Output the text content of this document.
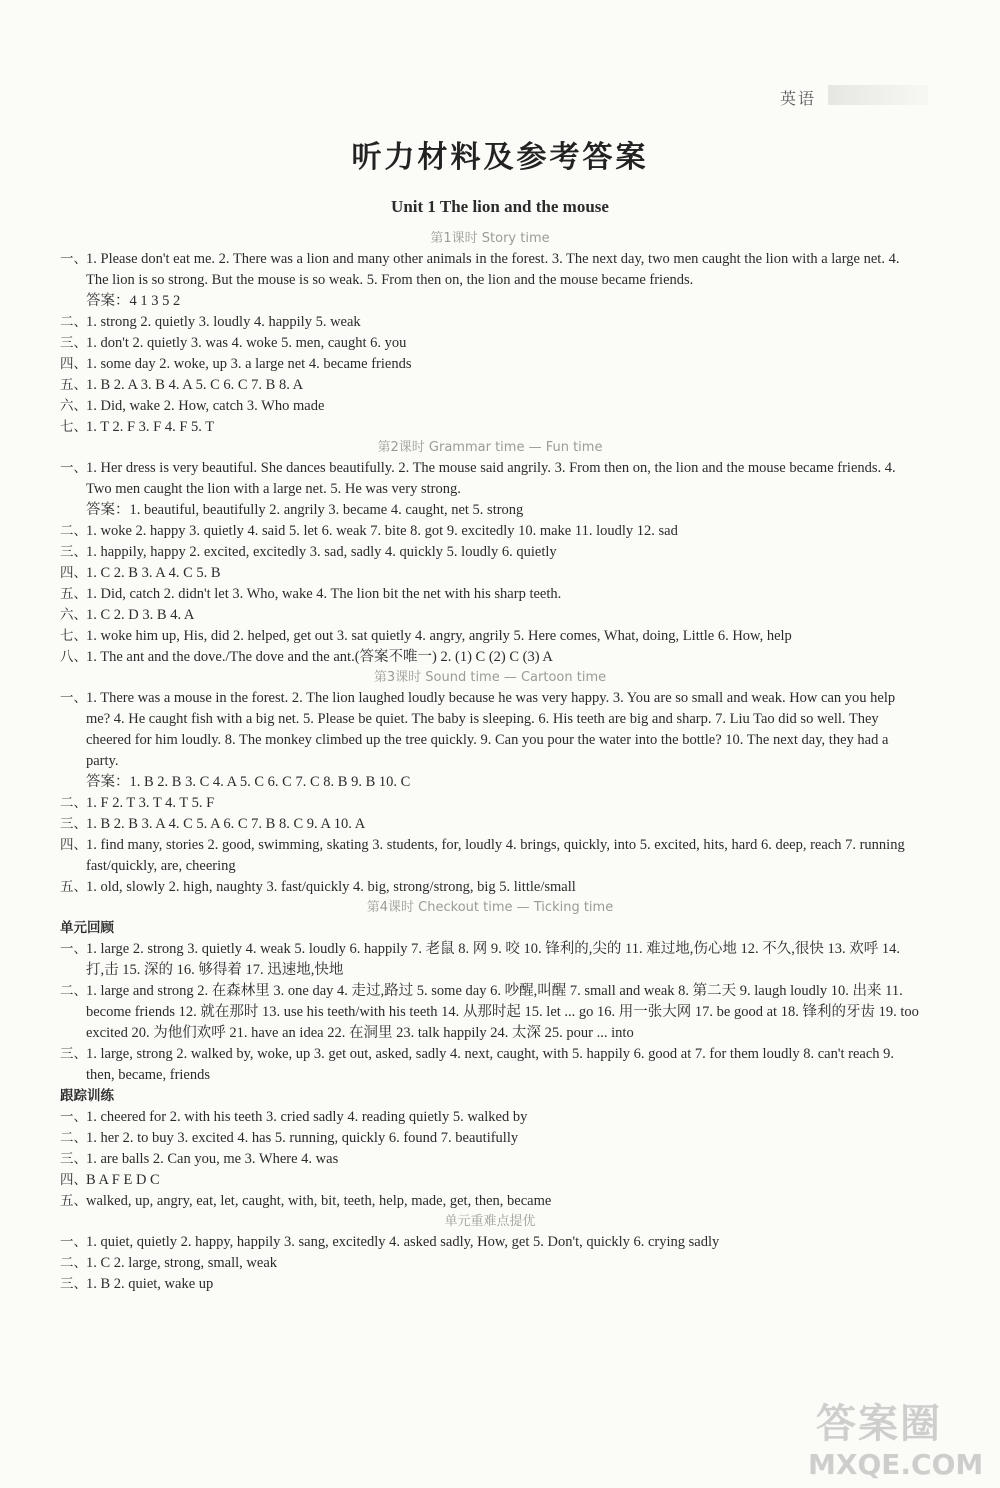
英语
听力材料及参考答案
Unit 1 The lion and the mouse
第1课时 Story time
一、 1. Please don't eat me. 2. There was a lion and many other animals in the forest. 3. The next day, two men caught the lion with a large net. 4. The lion is so strong. But the mouse is so weak. 5. From then on, the lion and the mouse became friends.
答案：4 1 3 5 2
二、 1. strong 2. quietly 3. loudly 4. happily 5. weak
三、 1. don't 2. quietly 3. was 4. woke 5. men, caught 6. you
四、 1. some day 2. woke, up 3. a large net 4. became friends
五、 1. B 2. A 3. B 4. A 5. C 6. C 7. B 8. A
六、 1. Did, wake 2. How, catch 3. Who made
七、 1. T 2. F 3. F 4. F 5. T
第2课时 Grammar time — Fun time
一、 1. Her dress is very beautiful. She dances beautifully. 2. The mouse said angrily. 3. From then on, the lion and the mouse became friends. 4. Two men caught the lion with a large net. 5. He was very strong.
答案：1. beautiful, beautifully 2. angrily 3. became 4. caught, net 5. strong
二、 1. woke 2. happy 3. quietly 4. said 5. let 6. weak 7. bite 8. got 9. excitedly 10. make 11. loudly 12. sad
三、 1. happily, happy 2. excited, excitedly 3. sad, sadly 4. quickly 5. loudly 6. quietly
四、 1. C 2. B 3. A 4. C 5. B
五、 1. Did, catch 2. didn't let 3. Who, wake 4. The lion bit the net with his sharp teeth.
六、 1. C 2. D 3. B 4. A
七、 1. woke him up, His, did 2. helped, get out 3. sat quietly 4. angry, angrily 5. Here comes, What, doing, Little 6. How, help
八、 1. The ant and the dove./The dove and the ant.(答案不唯一) 2. (1) C (2) C (3) A
第3课时 Sound time — Cartoon time
一、 1. There was a mouse in the forest. 2. The lion laughed loudly because he was very happy. 3. You are so small and weak. How can you help me? 4. He caught fish with a big net. 5. Please be quiet. The baby is sleeping. 6. His teeth are big and sharp. 7. Liu Tao did so well. They cheered for him loudly. 8. The monkey climbed up the tree quickly. 9. Can you pour the water into the bottle? 10. The next day, they had a party.
答案：1. B 2. B 3. C 4. A 5. C 6. C 7. C 8. B 9. B 10. C
二、 1. F 2. T 3. T 4. T 5. F
三、 1. B 2. B 3. A 4. C 5. A 6. C 7. B 8. C 9. A 10. A
四、 1. find many, stories 2. good, swimming, skating 3. students, for, loudly 4. brings, quickly, into 5. excited, hits, hard 6. deep, reach 7. running fast/quickly, are, cheering
五、 1. old, slowly 2. high, naughty 3. fast/quickly 4. big, strong/strong, big 5. little/small
第4课时 Checkout time — Ticking time
单元回顾
一、 1. large 2. strong 3. quietly 4. weak 5. loudly 6. happily 7. 老鼠 8. 网 9. 咬 10. 锋利的,尖的 11. 难过地,伤心地 12. 不久,很快 13. 欢呼 14. 打,击 15. 深的 16. 够得着 17. 迅速地,快地
二、 1. large and strong 2. 在森林里 3. one day 4. 走过,路过 5. some day 6. 吵醒,叫醒 7. small and weak 8. 第二天 9. laugh loudly 10. 出来 11. become friends 12. 就在那时 13. use his teeth/with his teeth 14. 从那时起 15. let ... go 16. 用一张大网 17. be good at 18. 锋利的牙齿 19. too excited 20. 为他们欢呼 21. have an idea 22. 在洞里 23. talk happily 24. 太深 25. pour ... into
三、 1. large, strong 2. walked by, woke, up 3. get out, asked, sadly 4. next, caught, with 5. happily 6. good at 7. for them loudly 8. can't reach 9. then, became, friends
跟踪训练
一、 1. cheered for 2. with his teeth 3. cried sadly 4. reading quietly 5. walked by
二、 1. her 2. to buy 3. excited 4. has 5. running, quickly 6. found 7. beautifully
三、 1. are balls 2. Can you, me 3. Where 4. was
四、 B A F E D C
五、 walked, up, angry, eat, let, caught, with, bit, teeth, help, made, get, then, became
单元重难点提优
一、 1. quiet, quietly 2. happy, happily 3. sang, excitedly 4. asked sadly, How, get 5. Don't, quickly 6. crying sadly
二、 1. C 2. large, strong, small, weak
三、 1. B 2. quiet, wake up
答案圈
MXQE.COM
